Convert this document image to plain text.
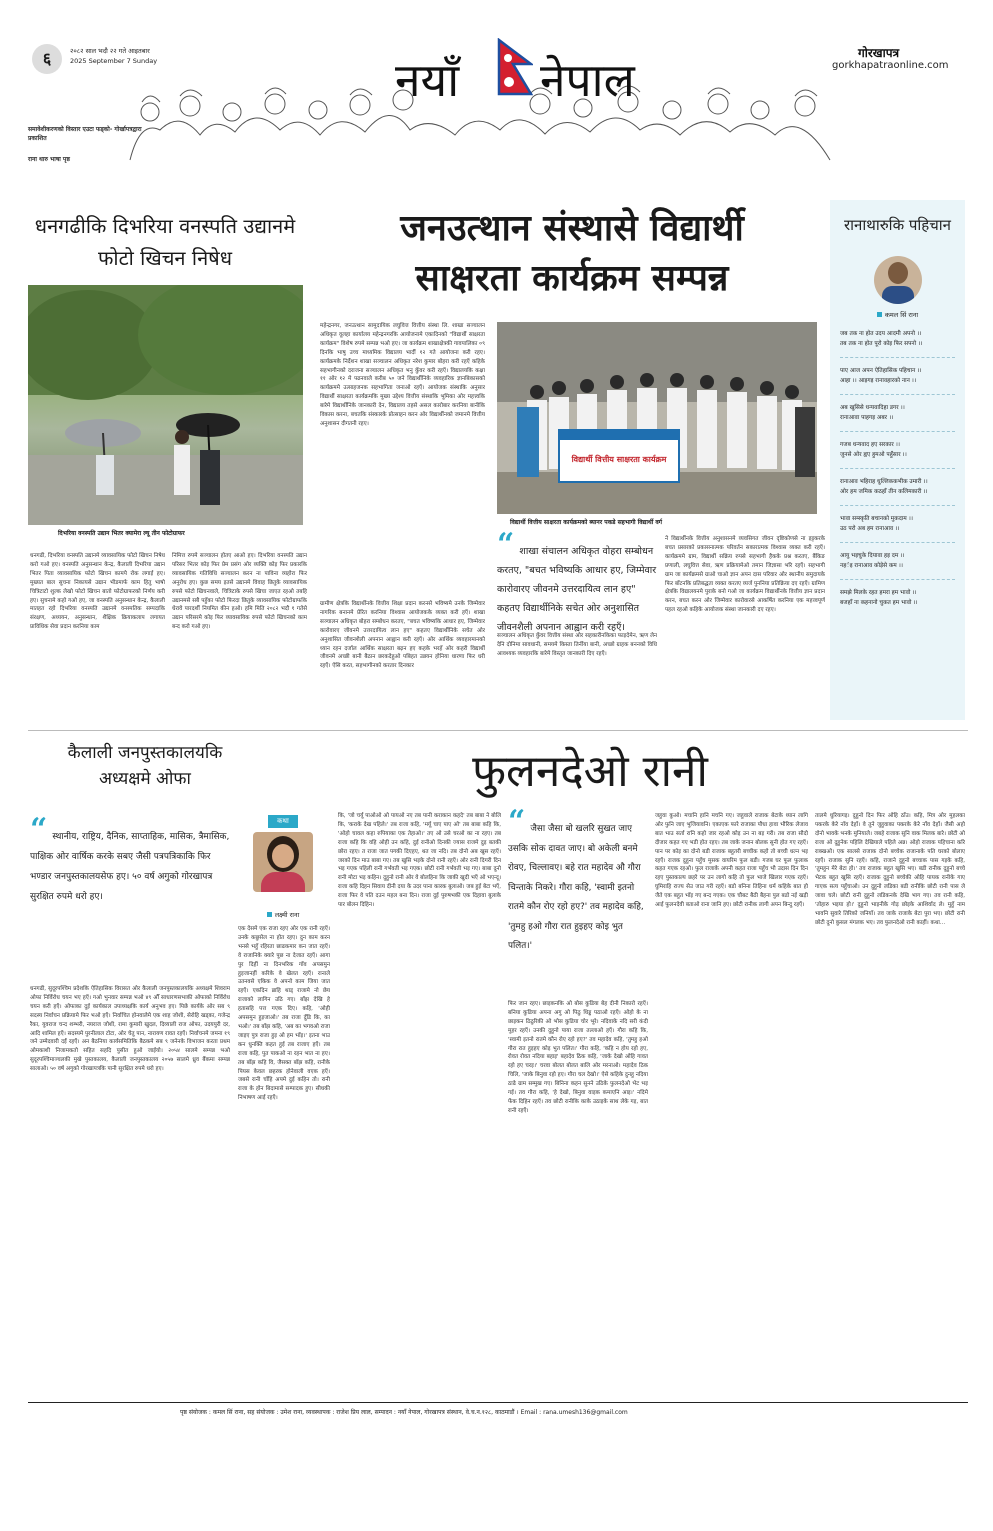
६	२०८२ साल भदौ २२ गते आइतबार
2025 September 7 Sunday	नयाँ नेपाल
समावेशीकरणको विस्तार एउटा फड्को- गोर्खापत्रद्वारा प्रकाशित
राना थारु भाषा पृष्ठ
गोरखापत्र
gorkhapatraonline.com
धनगढीकि दिभरिया वनस्पति उद्यानमे फोटो खिचन निषेध
दिभरिया वनस्पति उद्यान भितर क्यामेरा ल्यू तीन फोटोग्राफर
धनगढी, दिभरिया वनस्पति उद्यानमे व्यावसायिक फोटो खिचन निषेध करो गओ हए। वनस्पति अनुसन्धान केन्द्र, कैलाली दिभरिया उद्यान भितर पिता व्यावसायिक फोटो खिचन कामपे रोक लगाई हए। मुख्यत बाल सुचना निकायसे उद्यान भीडमार्फ काम हितु भाषो चित्रिटाटो शुल्क लेखो फोटो खिचन बातो फोटोग्राफरको निर्णय करी हए। सुचनामे कहो गओ हए, जा वनस्पति अनुसन्धान केन्द्र, कैलाली मातहत रहो दिभरिया वनस्पति उद्यानमे वनस्पतिक सम्पदाकि संरक्षण, अध्ययन, अनुसन्धान, शैक्षिक क्रियाकलाप लगायत प्राविधिक सेवा प्रदान करनिया काम
निमित्त रुपमे सञ्चालन होतए आओ हए। दिभरिया वनस्पति उद्यान परिसर भितर कोइ फिर प्रेम प्रसंग ओर व्यक्ति कोइ फिर प्रकारकि व्यावसायिक गतिविधि सञ्चालन करन ना पाविना व्यहोरा फिर अनुरोध हए। कुछ समय इतसे उद्यानमे विवाह छितुके व्यावसायिक रुपसे फोटो खिचनवाले, चित्रिटाके रुपसे खिचा जाएत रहओ तबहि उद्यानमसे सबै पहुँका फोटो फिरदा छितुके व्यावसायिक फोटोग्राफकि धेरावे पारदर्शी नियमित कीन हओ। हमि मिति २०८२ भदौ १ गतेसे उद्यान परिसरमे कोइ फिर व्यावसायिक रुपसे फोटो खिचनको काम बन्द करो गओ हए।
जनउत्थान संस्थासे विद्यार्थी
साक्षरता कार्यक्रम सम्पन्न
महेन्द्रनगर, जनउत्थान सामुदायिक लघुवित्त वित्तीय संस्था लि. शाखा सञ्चालन अधिकृत वूलहा कार्यालय महेन्द्रनगरकि आयोजनामे एकादिनको "विद्यार्थी साक्षरता कार्यक्रम" विशेष रुपमे सम्पन्न भओ हए। जा कार्यक्रम शाखाक्षेत्रकी गावपालिका ०९ दिनकि भाषु उच्च माध्यमिक विद्यालय भार्दी १२ गते आयोजना करी रहए। कार्यक्रमके निर्देशन शाखा सञ्चालन अधिकृत नरेश कुमार बोहरा करी रहएँ कहिके सहभागीनको दराजना सञ्चालन अधिकृत भनु कुँवर करी रहएँ। विद्यालयकि कक्षा ११ ओर १२ मे पढनवाले करीब ५० जने विद्यार्थीनिके व्यवहारिक ज्ञानबिकासको कार्यक्रममे उत्साहजनक सहभागिता जनाओ रहएँ। आयोजक संस्थाकि अनुसार विद्यार्थी साक्षरता कार्यक्रमकि मुख्य उद्देश्य वित्तीय संस्थाकि भूमिका ओर महत्त्वकि बारेमे विद्यार्थीनिके जानकारी देन, विद्यालय तहसे असल कारोबार करनिया बानीकि विकास करना, बचतकि संस्कारके प्रोत्साहन करन ओर विद्यार्थीनको जमानमे वित्तीय अनुशासन दीगतनी रहए।
ग्रामीण क्षेत्रकि विद्यार्थीनके वित्तीय शिक्षा प्रदान करनसे भविष्यमे उनके जिम्मेवार नागरिक बनानमे प्रेरित करनिया विश्वास आयोजकके व्यक्त करी हएँ। शाखा सञ्चालन अधिकृत बोहरा सम्बोधन करतए, "बचत भविष्यकि आधार हए, जिम्मेवार कारोवारए जीवनमे उत्तरदायित्व लान हए" कहतए विद्यार्थीनिके सचेत ओर अनुशासित जीवनशैली अपनान आह्वान करी रहएँ। ओर आर्थिक व्यवहारमानको ध्यान रहन दर्जाल आर्थिक साक्षरता बढ़न हए कहके भरहँ ओर कहरी विद्यार्थी जीवनमे अच्छी बानी बैठान छरकदेहुओ पबिहत उन्नयन होनिया धारणा फिर धरी रहएँ। ऐसि करत, सहभागीनको करतार दिनकार
विद्यार्थी वित्तीय साक्षरता कार्यक्रम
विद्यार्थी वित्तीय साक्षरता कार्यक्रमको ब्यानर पकडे सहभागी विद्यार्थी वर्ग
“ शाखा संचालन अधिकृत वोहरा सम्बोधन करतए, "बचत भविष्यकि आधार हए, जिम्मेवार कारोवारए जीवनमे उत्तरदायित्व लान हए" कहतए विद्यार्थीनिके सचेत ओर अनुशासित जीवनशैली अपनान आह्वान करी रहएँ।
सञ्चालन अधिकृत कुँवर वित्तीय संस्था ओर सहकारीनकिका फाइदेमेन, ऋण लेन देनि दोनिमा सावधानी, समयमे किस्ता तिर्नीया बानी, अच्छो ग्राहक बननको विधि आवश्यक व्यवहारकि बारेमे विस्तृत जानकारी दिए रहएँ।
ने विद्यार्थीनके वित्तीय अनुशासनमे व्यवसिगत जीवन दृष्टिकोणसे ना इट्टकरके बचत प्रसारको प्रकासनात्मक परिवर्तन सकारात्मक विश्वास व्यक्त करी रहएँ। कार्यक्रममे ग्राम, विद्यार्थी सक्रिय रुपसे सहभागी हैकके प्रश्न करतए, बैंकिङ प्रणाली, लघुवित्त सेवा, ऋण प्रक्रियामेओ तमान जिज्ञासा भरि रहएँ। सहभागी ग्राम जा कार्यक्रमसे ग्राओ चाओ ज्ञान अपन दास परिवार ओर स्थानीय समुदायके फिर बाँटनकि प्रतिबद्धता व्यक्त करतए व्यर्ज पुननिया प्रतिक्रिया दए रहएँ। ग्रामिण क्षेत्रकि विद्यालयनमे पुराके बनो गओ जा कार्यक्रम विद्यार्थीनके वित्तीय ज्ञान प्रदान करन, बचत करन ओर जिम्मेवार कारोवारसे आकर्षित करनिया एक महत्त्वपूर्ण पहल रहओ कहिके आयोजक संस्था जानकारी दए रहए।
रानाथारुकि पहिचान
कमल सिं राना
जब तक ना होत उदय आदमी अपनो ।।
तब तक ना होत पूरो कोइ फिर सपनो ।।
पाए आज अपन ऐतिहासिक पहिचान ।।
आहा ।। आइगइ रानावहारको नान ।।
अब खुसिसे धन्यवादिहा डगर ।।
रानाआवा पाहगइ अबर ।।
गजब धन्यवाद हए सरकार ।।
जुनसे ओर ह्वए हुमओ पहुँसार ।।
रानाआव भहिराह धुल्लिककभीक उमारी ।।
ओर हम जमिक कठहाँ तीन कलिमकारी ।।
भावा सम्स्कृति बचानको मुकदाम ।।
उठ परो अब हम रानाआव ।।
आयु भइचुके दियावा हइ दम ।।
नहर्इ रानाआव कोड़ेसे कम ।।
समझे मिलके रहत हमरा हम भावो ।।
बजहाँ ना कहनानो चुकत हम भावो ।।
कैलाली जनपुस्तकालयकि अध्यक्षमे ओफा
“ स्थानीय, राष्ट्रिय, दैनिक, साप्ताहिक, मासिक, त्रैमासिक, पाक्षिक ओर वार्षिक करके सबए जैसी पत्रपत्रिकाकि फिर भण्डार जनपुस्तकालयसेफ हए। ५० वर्ष अगुको गोरखापत्र सुरक्षित रुपमे धरो हए।
धनगढी, सुदूरपश्चिम प्रदेशकि ऐतिहासिक विरासत ओर कैलाली जनपुस्तकालयकि अध्यक्षमे शिवराम ओफा निर्विरोध चयन भए हएँ। गओ भुनवार सम्पन्न भओ ४९ औँ साधारणसभाकी ओफाको निर्विरोध चयन करी हएँ। ओफाका दुई कार्यकाल उपाध्यक्षकि कार्य अनुभव हए। पिछे कार्यके ओर सब ९ सदस्य निर्वाचन प्रक्रियामे फिर भओ हएँ। निर्वाचित होनवालेमे एक शाह जोशी, सेरोहि खड्का, गजेन्द्र रैका, युवराज चन्द शम्भरी, नयराज जोशी, रामा कुमारी खुदल, दिव्याली राज ओफा, उदयपुरी दर, आदि शामिल हएँ। सदस्यमे पुरनीलाल टोटा, ओर चेतु पान, नारायण रावत रहएँ। निर्वाचनमे जमना १९ जने उम्मेदवारी दर्ई रहएँ। अन बैठनिया कार्यसमितिकि बैठकमे सब ९ जनेनके विभाजन करता प्रथम ओमकाशी निजामकतो सहित सहदि पुसीत हुओ जाईयो। २०५४ सालमे सम्पन्न भओ सुदूरपश्चिमाञ्चलकी मुखे पुस्तकालय, कैलाली जनपुस्तकालय २०५७ सालमे ध्रुव बैंकमा सम्पन्न सालाओ। ५० वर्ष अगुको गोरखापत्रकि पानी सुरक्षित रुपमे धरो हए।
कथा
लक्ष्मी राना
फुलनदेओ रानी
एक देसमे एक राजा रहए ओर एक रानी रहएँ। उनके कछुसेल ना होत रहए। दुन काम करन भनसे भहुँ रहिरता छाढकमार कन जात रहएँ। वे राजानिके क्यारे पूछ ना देजात रहएँ। आगा पुर दिहीं ना दिनभरिक गाँव अपसमुन हुइजानहीं करिके वे खेलत रहएँ। रानाले उतनवसे एकिक वे अपनो काम जिया जात रहएँ। एकदिन ब्राहि थाड् राजामे नो छेय राजाको लागिन उठि गए। बाँझ देखि हे हतासहि पत्त गएक दिए। कहि, 'ओही अपसमुन हुइजाओ।' तब राजा दुँडि कि, का भओ।' तब बाँझ कहि, 'अब का भगवओ राजा जाइए पुत्र राजा हुइ ओ हम भाँइ।' इतना भाउ कन धुनक्ति कहत हुई तब राजाए हएँ। तब राजा कहि, पुत पाकओ ना रहन भात ना हए। तब बाँझ कहि वि, जैसक्त बाँझ कहि, रानीके पियस केवल छहरक होनेवाली वएक हएँ। जबसे रानी चाँहि अपमे दुई कहिन तो। रानी राजा के होन बिदामासे सम्पादक हुए। सीधकी निभाषण आई रहएँ।
कि, 'जो चर्यू पाओओ ओ पायओ नए तब पानी कराकान कहदे' तब बाबा ने बोलि कि, 'कराके देख पहिले।' तब राजा कहि, 'मर्यू चाए पाए ओ' तब बाबा कहि कि, 'ओहो चावल कहा रुपियाका एक तेहाओ।' तए ओ उसे चरओ का ना रहए। तब राजा कहि कि वहि ओही उन कहि, दुई रानीओ दिनकी ज्यास राजमे दुइ बतकी छोरा रहए। त राजा जात पगकी दिएहए, थत जा नदि। तब दोनो अब खुस रहएँ। जरको दिन माउ बाबा गए। तब खुसि भइके दोनो रानी रहएँ। ओर रानी दिगरी दिन भइ गएक पहिली रानी गर्भवती भइ गएक। छोटी रानी गर्भवती भइ गए। बाबा दुनो रानी मोटा भइ कहिन। दुहुनो रानी ओर वे बोलहिना कि जाकी खुदी भएँ ओ भएन्दू। राजा कहि दिहन सिवाय दीनी दया के उदर पाना कारक बुलाओ। जब हुई बेटा भएँ, राजा फिर वे पति दउन महल बना दिन। राजा दुई पुरुषभकी एक दिहावा बुलाके पार बोलन दिहिन।
“ जैसा जैसा बो खलरि सुखत जाए उसकि सोक दावत जाए। बो अकेली बनमे रोवए, चिल्लावए। बहे रात महादेव औ गौरा चिन्ताके निकरे। गौरा कहि, 'स्वामी इतनो रातमे कौन रोए रहो हए?' तव महादेव कहि, 'तुमहु हओ गौरा रात हुइहए कोइ भुत पलित।'
फिर जान रहए। छाइकनकि ओ बोस कुडिया बेह दीनी निकारो रहएँ। बनिया कुडिया अपना अगु ओ पिठु धिड्ड पठाओ रहएँ। ओहो के ना छाइकन ठिठुरिकी ओ भोस कुडिया चोर भूरे। नदिवाके नदि सरी कंदी मुहर रहएँ। उनकी दुहुनो पाया राजा तल्लाओ हएँ। गौरा कहि कि, 'स्वामी इतनो रातमे कौन रोए रहो हए?' तव महादेव कहि, 'तुमहु हओ गौरा रात हुइहए कोइ भुत पलित।' गौरा कहि, 'कहि न होय रहो हए, रोवत रोवत नदिया बहाइ' बहादेव ठिक कहि, 'जाके देखो ओहि गावत रहो हए चरइ।' चरवा बोलत बोलत बालि ओर मरनाओ। महादेव ठिक चिलि, 'जाके बिनुवा रहो हए। गौरा चल देखो।' ऐसे कहिके दुनहु नदिया ठाढे ग्राम सम्मुख गए। बिनिना कहन सुनने उठिके फुलनदेओ भेट भइ गई। तव गौरा कहि, 'हे देखो, बिनुवा वाइक कमाएनि आइ।' नदिमे फेंक दिहिन रहएँ। तव छोटी रानीकि काके उठाइके साथ लेके गइ, बात रानी रहएँ।
जहुवा कुओ। मचानि हानि मचनि गए। जहुवाले राजाक बेटाके ध्यान लागि ओर फुनि जाए भुजियावनि। एकाएक फारे राजाका पौधा हावा भौरिक लेजाव बात भाउ सर्ता रानि कहो जार रहओ कोइ उन ना बइ गरी। तब राजा सौदो दीजार कहत गए भडी होत रहए। तब जाके जनान बोलक सुनी होत गए रहएँ। पान पर कोइ का दोनो बडी राजाक बहुतरी बच्चीक कहो तो बच्ची धल्न भइ रहएँ। राजक दुहुना पहुँच मुसक वायरिम फुल बडी। गजब घर फूल फुलाक कहत गएक रहओ। फुल राजाके अपनी कहत राजा पहुँच भौ उदास दिन दिन रहए पुस्तकाल्य छहरे पर उन लागो कहि तो फुल भाजे खिलार गएक रहएँ। घुमिराहि राज्य सेउ जाउ गरी रहएँ। बडो बनिना तिहिना धर्म कहिके बात हो जैते एक बहुत भाँइ गए बन्द गएक। एक चौबट बैठी बैहना पुल बडो नई खड़ी आई फुलनदेवी बताओ राना जानि हए। छोटी रानीक लागी अपन बिन्दु रहएँ।
तालमे धुरियागइ। दुहुनो दिन फिर ओहि ठाँउ। कहि, मित्र ओर मुहलका पकरके केरे नाँव देहाँ। वे तुने जुहुवाका पकरके केरे नाँव देहाँ। जैसी अहो दोनो भावके भनके मुनियाले। जबहे राजाक सुनि वाक मिलक बारे। छोटी ओ राजा ओ दुहुनेक पहिलि देखियाले पहिले अन्न। ओहो राजाक पहिचाना करि राक्खओ। एक सालसे राजाक दोनो बच्चेक राजानाके पति घरको बोलाए रहएँ। राजाक सुनि रहएँ। कहि, राजाने दुहुनो बच्चाक पास गइके कहि, 'तुमहुन मेरे बेटा हो।' तव राजाक बहुत खुसि भए। बडी रानीक दुहुनो बच्चे भेटक बहुत खुसि रहएँ। राजाक दुहुनो बच्चेकी ओहि पायक रानीके गाए गाएक सत्य पहुँचाओ। उन दुहुनो लडिका बडी रानीकि छोटी रानी पास ले जावा चले। छोटी रानी दुहुनो लडिकनके देखि भाग गए। तव रानी कहि, 'तोहारु भइया हो।' दुहुनो भाइनीके गोड़ छोइके आशिर्वाद ले। मुहुँ नाम भावनि सुवारे तिरिको जनियाँ। तव जाके राजाके बेटा पुरा भए। छोटी रानी छोटी दुनो कुसल मंगलक भए। तव फुलनदेओ रानी काहीं। कथा...
पृष्ठ संयोजक : कमल सिं राना, सह संयोजक : उमेश राना, व्यवस्थापक : राजेश प्रिय लाल, सम्पादन : नयाँ नेपाल, गोरखापत्र संस्थान, वे.च.न.१२८, काठमाडौं । Email : rana.umesh136@gmail.com
